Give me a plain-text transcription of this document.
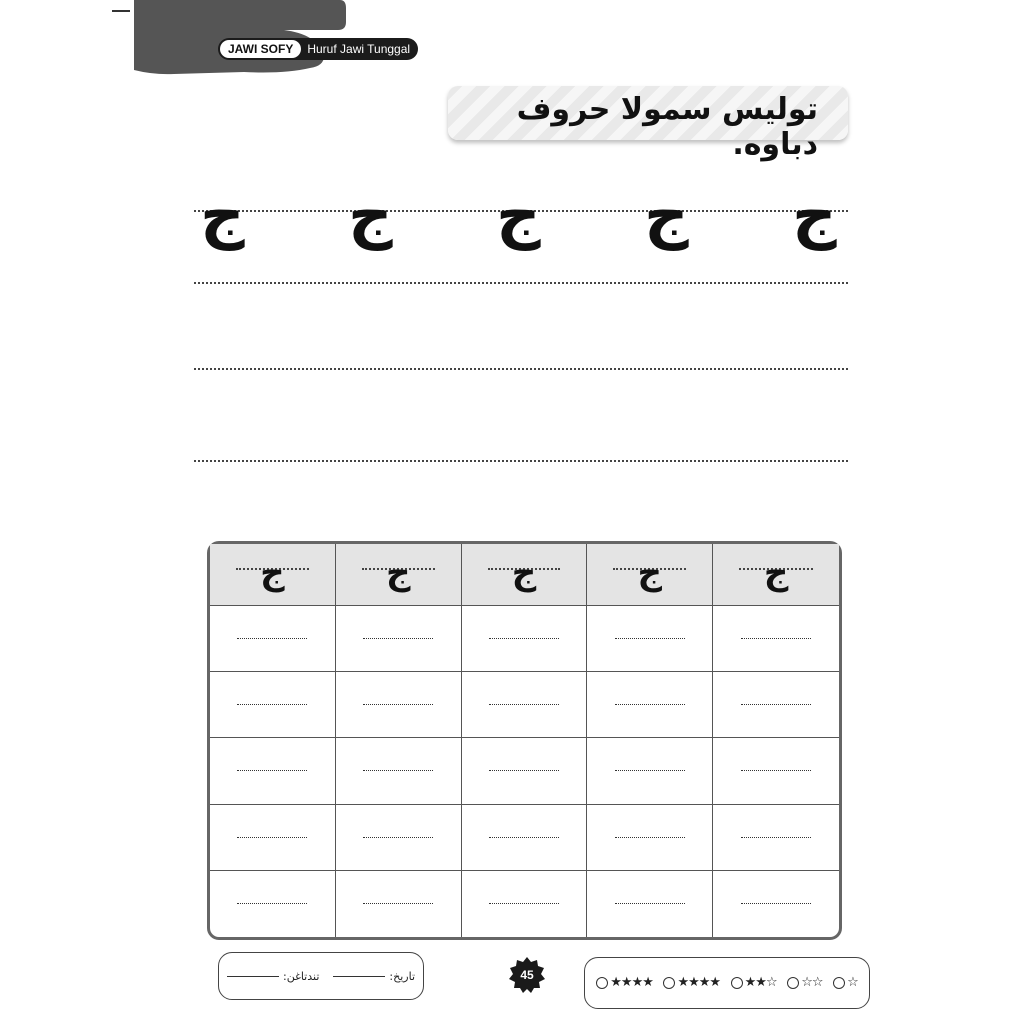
JAWI SOFY	Huruf Jawi Tunggal
توليس سمولا حروف دباوه.
ج ج ج ج ج
ج	ج	ج	ج	ج
تاريخ:
تندتاغن:	45	★★★★ ★★★★ ★★☆ ☆☆ ☆
